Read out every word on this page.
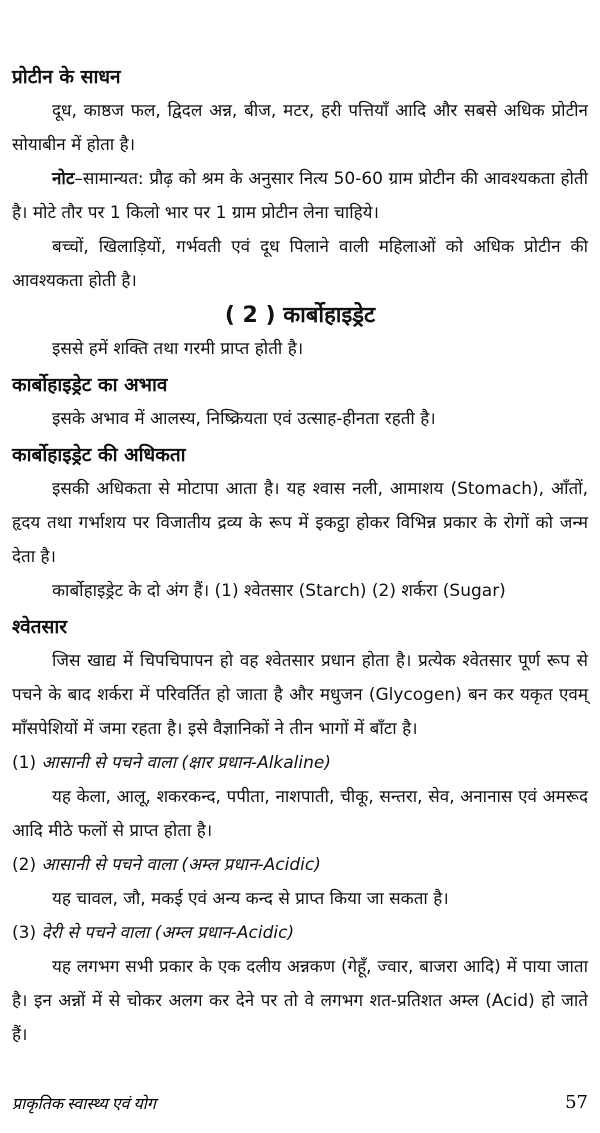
प्रोटीन के साधन

दूध, काष्ठज फल, द्विदल अन्न, बीज, मटर, हरी पत्तियाँ आदि और सबसे अधिक प्रोटीन सोयाबीन में होता है।

नोट–सामान्यत: प्रौढ़ को श्रम के अनुसार नित्य 50-60 ग्राम प्रोटीन की आवश्यकता होती है। मोटे तौर पर 1 किलो भार पर 1 ग्राम प्रोटीन लेना चाहिये।

बच्चों, खिलाड़ियों, गर्भवती एवं दूध पिलाने वाली महिलाओं को अधिक प्रोटीन की आवश्यकता होती है।

( 2 ) कार्बोहाइड्रेट

इससे हमें शक्ति तथा गरमी प्राप्त होती है।

कार्बोहाइड्रेट का अभाव

इसके अभाव में आलस्य, निष्क्रियता एवं उत्साह-हीनता रहती है।

कार्बोहाइड्रेट की अधिकता

इसकी अधिकता से मोटापा आता है। यह श्वास नली, आमाशय (Stomach), आँतों, हृदय तथा गर्भाशय पर विजातीय द्रव्य के रूप में इकट्ठा होकर विभिन्न प्रकार के रोगों को जन्म देता है।

कार्बोहाइड्रेट के दो अंग हैं। (1) श्वेतसार (Starch) (2) शर्करा (Sugar)

श्वेतसार

जिस खाद्य में चिपचिपापन हो वह श्वेतसार प्रधान होता है। प्रत्येक श्वेतसार पूर्ण रूप से पचने के बाद शर्करा में परिवर्तित हो जाता है और मधुजन (Glycogen) बन कर यकृत एवम् माँसपेशियों में जमा रहता है। इसे वैज्ञानिकों ने तीन भागों में बाँटा है।

(1) आसानी से पचने वाला (क्षार प्रधान-Alkaline)

यह केला, आलू, शकरकन्द, पपीता, नाशपाती, चीकू, सन्तरा, सेव, अनानास एवं अमरूद आदि मीठे फलों से प्राप्त होता है।

(2) आसानी से पचने वाला (अम्ल प्रधान-Acidic)

यह चावल, जौ, मकई एवं अन्य कन्द से प्राप्त किया जा सकता है।

(3) देरी से पचने वाला (अम्ल प्रधान-Acidic)

यह लगभग सभी प्रकार के एक दलीय अन्नकण (गेहूँ, ज्वार, बाजरा आदि) में पाया जाता है। इन अन्नों में से चोकर अलग कर देने पर तो वे लगभग शत-प्रतिशत अम्ल (Acid) हो जाते हैं।

प्राकृतिक स्वास्थ्य एवं योग	57
